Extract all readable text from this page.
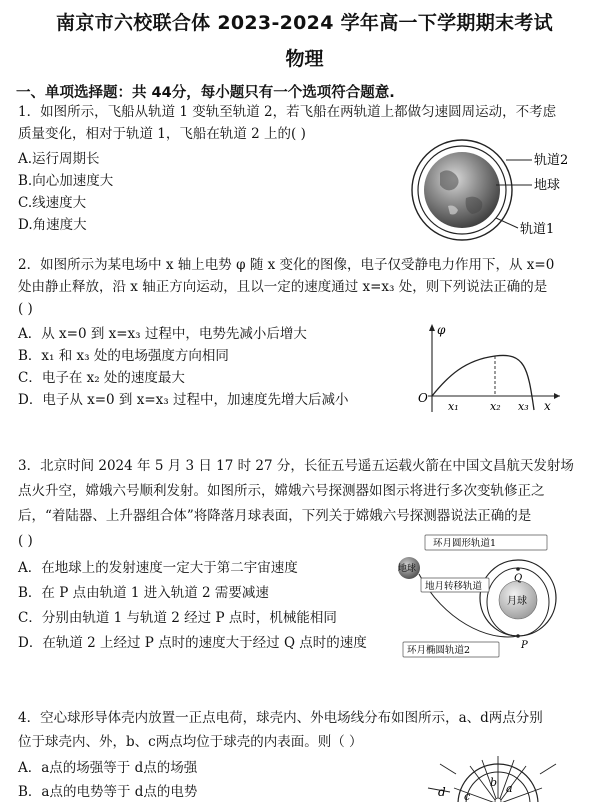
南京市六校联合体 2023-2024 学年高一下学期期末考试
物理
一、单项选择题：共 44分，每小题只有一个选项符合题意.
1．如图所示，飞船从轨道 1 变轨至轨道 2，若飞船在两轨道上都做匀速圆周运动，不考虑
质量变化，相对于轨道 1，飞船在轨道 2 上的( )
A.运行周期长
B.向心加速度大
C.线速度大
D.角速度大
轨道2
地球
轨道1
2．如图所示为某电场中 x 轴上电势 φ 随 x 变化的图像，电子仅受静电力作用下，从 x=0
处由静止释放，沿 x 轴正方向运动，且以一定的速度通过 x=x₃ 处，则下列说法正确的是
( )
A．从 x=0 到 x=x₃ 过程中，电势先减小后增大
B．x₁ 和 x₃ 处的电场强度方向相同
C．电子在 x₂ 处的速度最大
D．电子从 x=0 到 x=x₃ 过程中，加速度先增大后减小
φ
O
x₁	x₂ x₃ x
3．北京时间 2024 年 5 月 3 日 17 时 27 分，长征五号遥五运载火箭在中国文昌航天发射场
点火升空，嫦娥六号顺利发射。如图所示，嫦娥六号探测器如图示将进行多次变轨修正之
后，“着陆器、上升器组合体”将降落月球表面，下列关于嫦娥六号探测器说法正确的是
( )
A．在地球上的发射速度一定大于第二宇宙速度
B．在 P 点由轨道 1 进入轨道 2 需要减速
C．分别由轨道 1 与轨道 2 经过 P 点时，机械能相同
D．在轨道 2 上经过 P 点时的速度大于经过 Q 点时的速度
环月圆形轨道1
地月转移轨道
环月椭圆轨道2
地球
月球
Q
P
4．空心球形导体壳内放置一正点电荷，球壳内、外电场线分布如图所示，a、d两点分别
位于球壳内、外，b、c两点均位于球壳的内表面。则（ ）
A．a点的场强等于 d点的场强
B．a点的电势等于 d点的电势	d c
b a
